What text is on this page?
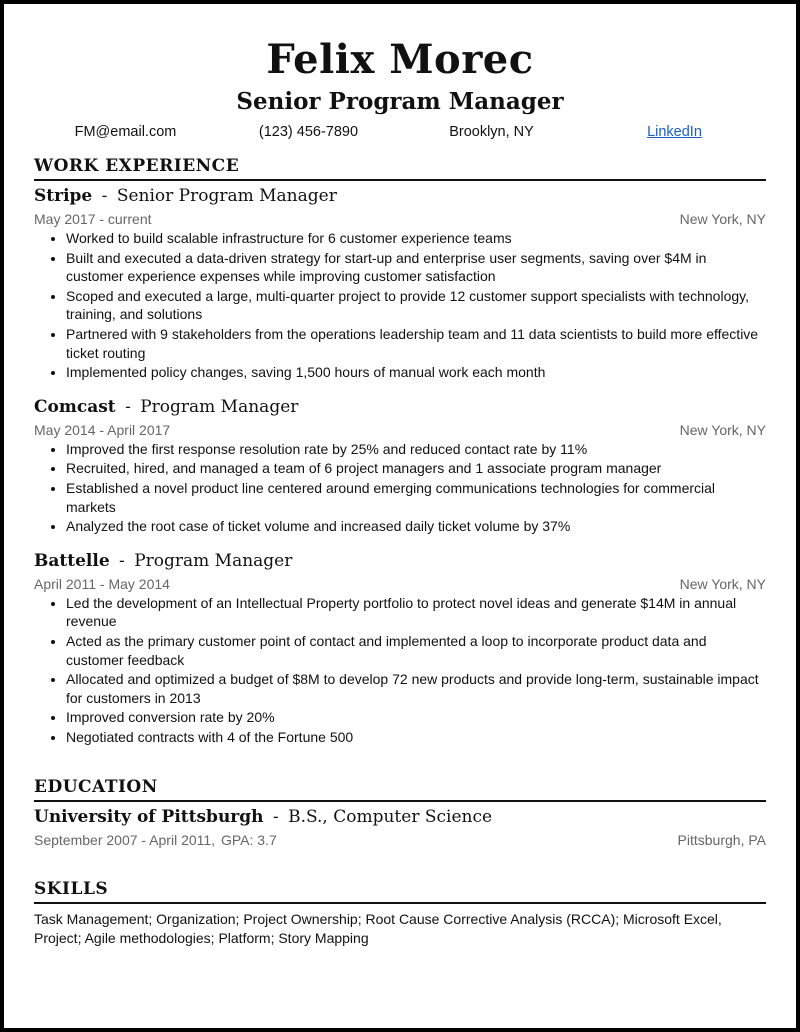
Felix Morec
Senior Program Manager
FM@email.com	(123) 456-7890	Brooklyn, NY	LinkedIn
WORK EXPERIENCE
Stripe - Senior Program Manager
May 2017 - current	New York, NY
• Worked to build scalable infrastructure for 6 customer experience teams
• Built and executed a data-driven strategy for start-up and enterprise user segments, saving over $4M in customer experience expenses while improving customer satisfaction
• Scoped and executed a large, multi-quarter project to provide 12 customer support specialists with technology, training, and solutions
• Partnered with 9 stakeholders from the operations leadership team and 11 data scientists to build more effective ticket routing
• Implemented policy changes, saving 1,500 hours of manual work each month
Comcast - Program Manager
May 2014 - April 2017	New York, NY
• Improved the first response resolution rate by 25% and reduced contact rate by 11%
• Recruited, hired, and managed a team of 6 project managers and 1 associate program manager
• Established a novel product line centered around emerging communications technologies for commercial markets
• Analyzed the root case of ticket volume and increased daily ticket volume by 37%
Battelle - Program Manager
April 2011 - May 2014	New York, NY
• Led the development of an Intellectual Property portfolio to protect novel ideas and generate $14M in annual revenue
• Acted as the primary customer point of contact and implemented a loop to incorporate product data and customer feedback
• Allocated and optimized a budget of $8M to develop 72 new products and provide long-term, sustainable impact for customers in 2013
• Improved conversion rate by 20%
• Negotiated contracts with 4 of the Fortune 500
EDUCATION
University of Pittsburgh - B.S., Computer Science
September 2007 - April 2011, GPA: 3.7	Pittsburgh, PA
SKILLS
Task Management; Organization; Project Ownership; Root Cause Corrective Analysis (RCCA); Microsoft Excel, Project; Agile methodologies; Platform; Story Mapping
